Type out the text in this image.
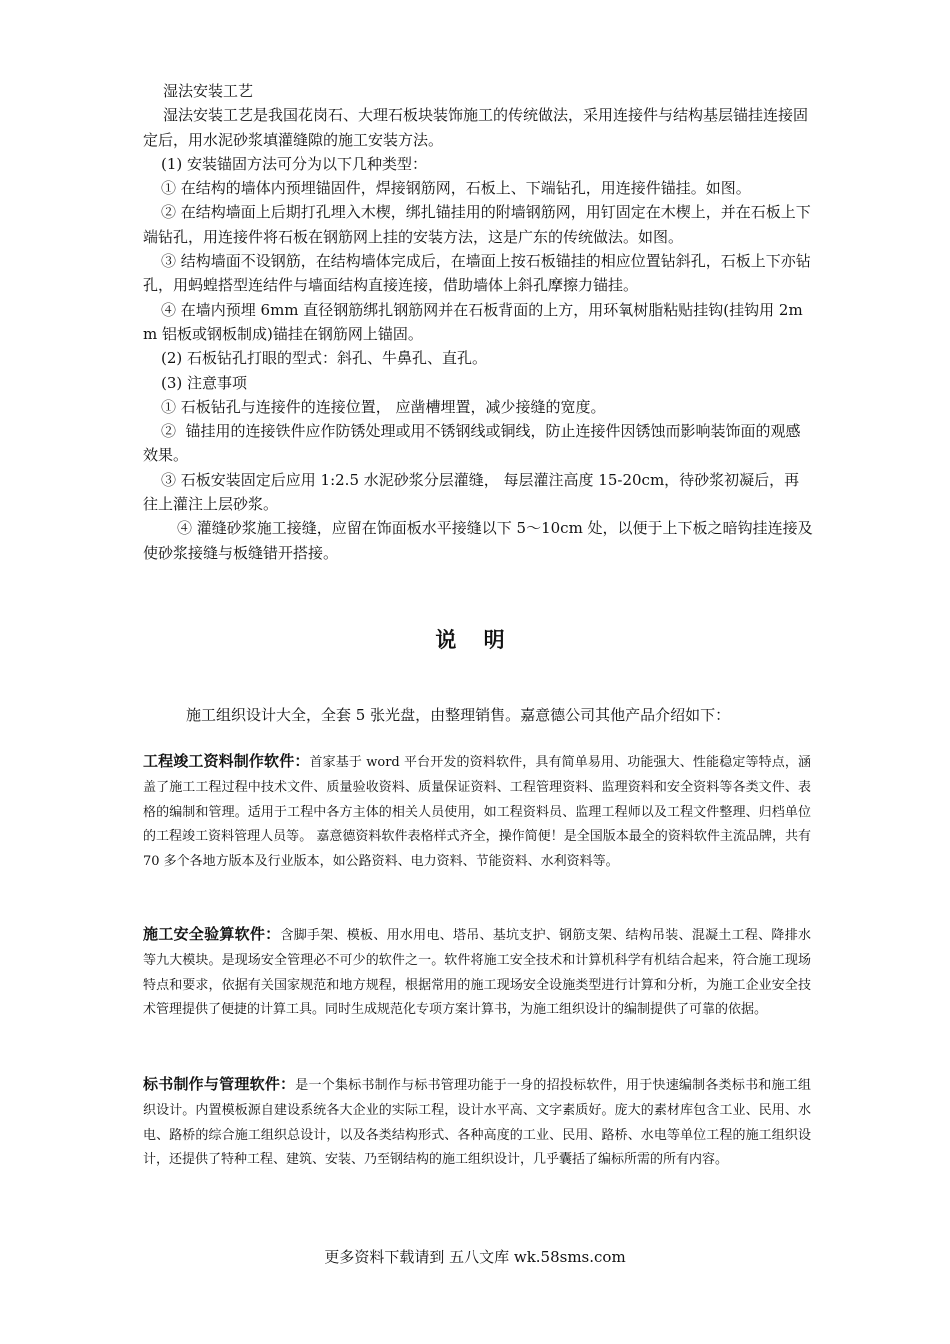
湿法安装工艺

湿法安装工艺是我国花岗石、大理石板块装饰施工的传统做法，采用连接件与结构基层锚挂连接固定后，用水泥砂浆填灌缝隙的施工安装方法。

(1) 安装锚固方法可分为以下几种类型：

① 在结构的墙体内预埋锚固件，焊接钢筋网，石板上、下端钻孔，用连接件锚挂。如图。

② 在结构墙面上后期打孔埋入木楔，绑扎锚挂用的附墙钢筋网，用钉固定在木楔上，并在石板上下端钻孔，用连接件将石板在钢筋网上挂的安装方法，这是广东的传统做法。如图。

③ 结构墙面不设钢筋，在结构墙体完成后，在墙面上按石板锚挂的相应位置钻斜孔，石板上下亦钻孔，用蚂蝗搭型连结件与墙面结构直接连接，借助墙体上斜孔摩擦力锚挂。

④ 在墙内预埋 6mm 直径钢筋绑扎钢筋网并在石板背面的上方，用环氧树脂粘贴挂钩(挂钩用 2mm 铝板或钢板制成)锚挂在钢筋网上锚固。

(2) 石板钻孔打眼的型式：斜孔、牛鼻孔、直孔。

(3) 注意事项

① 石板钻孔与连接件的连接位置， 应凿槽埋置，减少接缝的宽度。

②  锚挂用的连接铁件应作防锈处理或用不锈钢线或铜线，防止连接件因锈蚀而影响装饰面的观感效果。

③ 石板安装固定后应用 1:2.5 水泥砂浆分层灌缝， 每层灌注高度 15-20cm，待砂浆初凝后，再往上灌注上层砂浆。

④ 灌缝砂浆施工接缝，应留在饰面板水平接缝以下 5～10cm 处，以便于上下板之暗钩挂连接及使砂浆接缝与板缝错开搭接。

说 明
施工组织设计大全，全套 5 张光盘，由整理销售。嘉意德公司其他产品介绍如下：
工程竣工资料制作软件：首家基于 word 平台开发的资料软件，具有简单易用、功能强大、性能稳定等特点，涵盖了施工工程过程中技术文件、质量验收资料、质量保证资料、工程管理资料、监理资料和安全资料等各类文件、表格的编制和管理。适用于工程中各方主体的相关人员使用，如工程资料员、监理工程师以及工程文件整理、归档单位的工程竣工资料管理人员等。 嘉意德资料软件表格样式齐全，操作简便！是全国版本最全的资料软件主流品牌，共有 70 多个各地方版本及行业版本，如公路资料、电力资料、节能资料、水利资料等。
施工安全验算软件：含脚手架、模板、用水用电、塔吊、基坑支护、钢筋支架、结构吊装、混凝土工程、降排水等九大模块。是现场安全管理必不可少的软件之一。软件将施工安全技术和计算机科学有机结合起来，符合施工现场特点和要求，依据有关国家规范和地方规程，根据常用的施工现场安全设施类型进行计算和分析，为施工企业安全技术管理提供了便捷的计算工具。同时生成规范化专项方案计算书，为施工组织设计的编制提供了可靠的依据。
标书制作与管理软件：是一个集标书制作与标书管理功能于一身的招投标软件，用于快速编制各类标书和施工组织设计。内置模板源自建设系统各大企业的实际工程，设计水平高、文字素质好。庞大的素材库包含工业、民用、水电、路桥的综合施工组织总设计，以及各类结构形式、各种高度的工业、民用、路桥、水电等单位工程的施工组织设计，还提供了特种工程、建筑、安装、乃至钢结构的施工组织设计，几乎囊括了编标所需的所有内容。
更多资料下载请到 五八文库 wk.58sms.com
